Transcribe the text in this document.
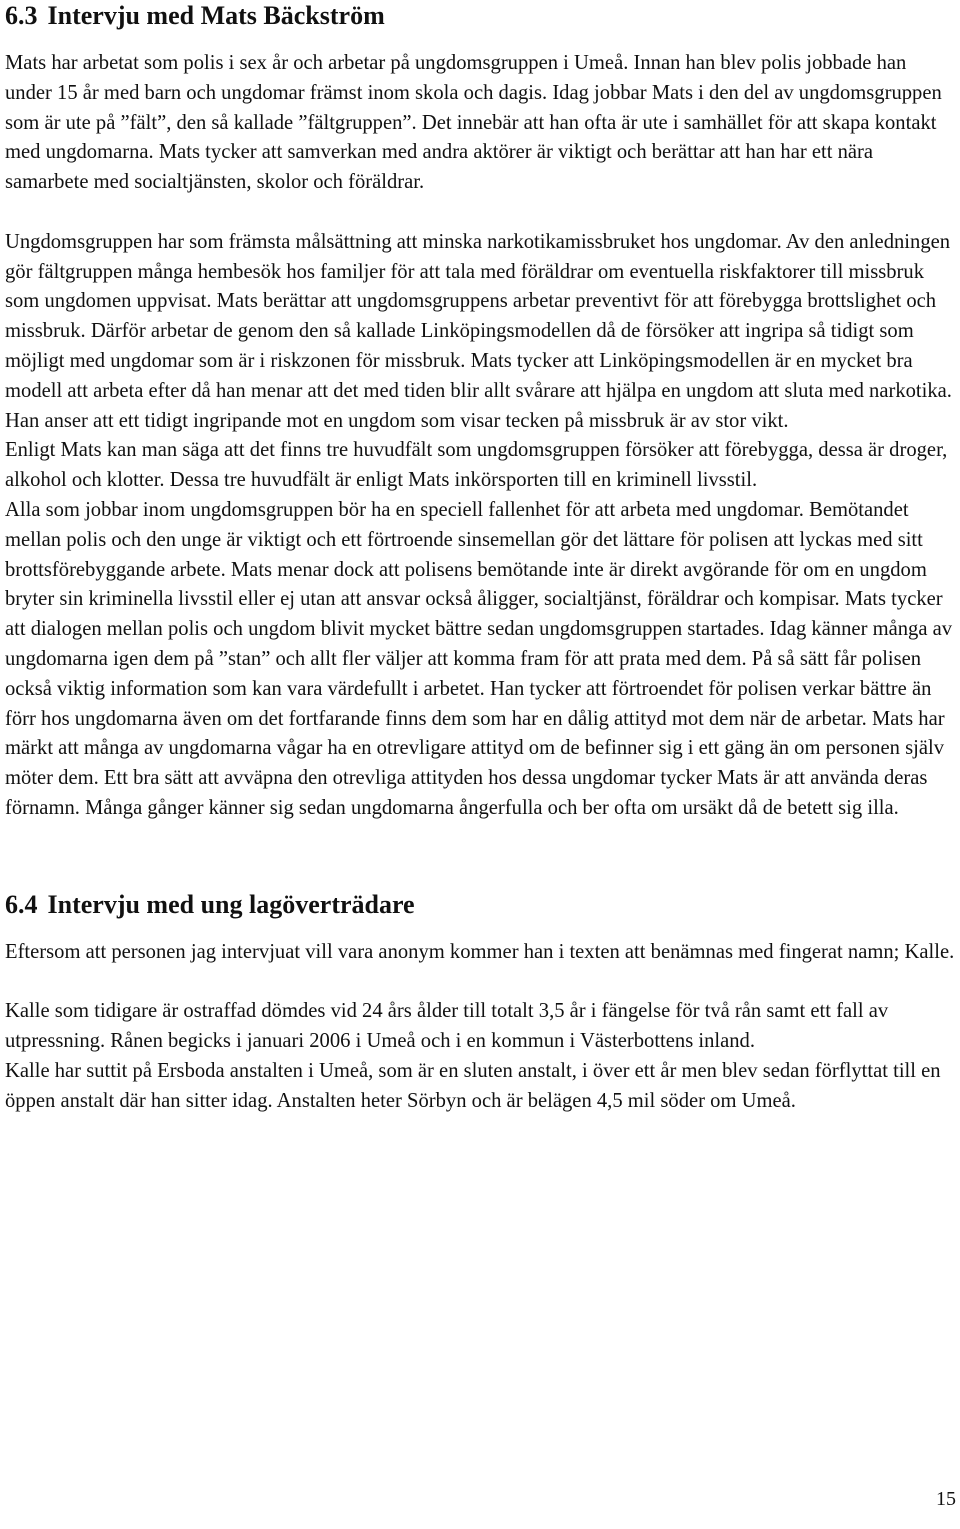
6.3 Intervju med Mats Bäckström

Mats har arbetat som polis i sex år och arbetar på ungdomsgruppen i Umeå. Innan han blev polis jobbade han under 15 år med barn och ungdomar främst inom skola och dagis. Idag jobbar Mats i den del av ungdomsgruppen som är ute på ”fält”, den så kallade ”fältgruppen”. Det innebär att han ofta är ute i samhället för att skapa kontakt med ungdomarna. Mats tycker att samverkan med andra aktörer är viktigt och berättar att han har ett nära samarbete med socialtjänsten, skolor och föräldrar.

Ungdomsgruppen har som främsta målsättning att minska narkotikamissbruket hos ungdomar. Av den anledningen gör fältgruppen många hembesök hos familjer för att tala med föräldrar om eventuella riskfaktorer till missbruk som ungdomen uppvisat. Mats berättar att ungdomsgruppens arbetar preventivt för att förebygga brottslighet och missbruk. Därför arbetar de genom den så kallade Linköpingsmodellen då de försöker att ingripa så tidigt som möjligt med ungdomar som är i riskzonen för missbruk. Mats tycker att Linköpingsmodellen är en mycket bra modell att arbeta efter då han menar att det med tiden blir allt svårare att hjälpa en ungdom att sluta med narkotika. Han anser att ett tidigt ingripande mot en ungdom som visar tecken på missbruk är av stor vikt.

Enligt Mats kan man säga att det finns tre huvudfält som ungdomsgruppen försöker att förebygga, dessa är droger, alkohol och klotter. Dessa tre huvudfält är enligt Mats inkörsporten till en kriminell livsstil.

Alla som jobbar inom ungdomsgruppen bör ha en speciell fallenhet för att arbeta med ungdomar. Bemötandet mellan polis och den unge är viktigt och ett förtroende sinsemellan gör det lättare för polisen att lyckas med sitt brottsförebyggande arbete. Mats menar dock att polisens bemötande inte är direkt avgörande för om en ungdom bryter sin kriminella livsstil eller ej utan att ansvar också åligger, socialtjänst, föräldrar och kompisar. Mats tycker att dialogen mellan polis och ungdom blivit mycket bättre sedan ungdomsgruppen startades. Idag känner många av ungdomarna igen dem på ”stan” och allt fler väljer att komma fram för att prata med dem. På så sätt får polisen också viktig information som kan vara värdefullt i arbetet. Han tycker att förtroendet för polisen verkar bättre än förr hos ungdomarna även om det fortfarande finns dem som har en dålig attityd mot dem när de arbetar. Mats har märkt att många av ungdomarna vågar ha en otrevligare attityd om de befinner sig i ett gäng än om personen själv möter dem. Ett bra sätt att avväpna den otrevliga attityden hos dessa ungdomar tycker Mats är att använda deras förnamn. Många gånger känner sig sedan ungdomarna ångerfulla och ber ofta om ursäkt då de betett sig illa.

6.4 Intervju med ung lagöverträdare

Eftersom att personen jag intervjuat vill vara anonym kommer han i texten att benämnas med fingerat namn; Kalle.

Kalle som tidigare är ostraffad dömdes vid 24 års ålder till totalt 3,5 år i fängelse för två rån samt ett fall av utpressning. Rånen begicks i januari 2006 i Umeå och i en kommun i Västerbottens inland.

Kalle har suttit på Ersboda anstalten i Umeå, som är en sluten anstalt, i över ett år men blev sedan förflyttat till en öppen anstalt där han sitter idag. Anstalten heter Sörbyn och är belägen 4,5 mil söder om Umeå.

15
